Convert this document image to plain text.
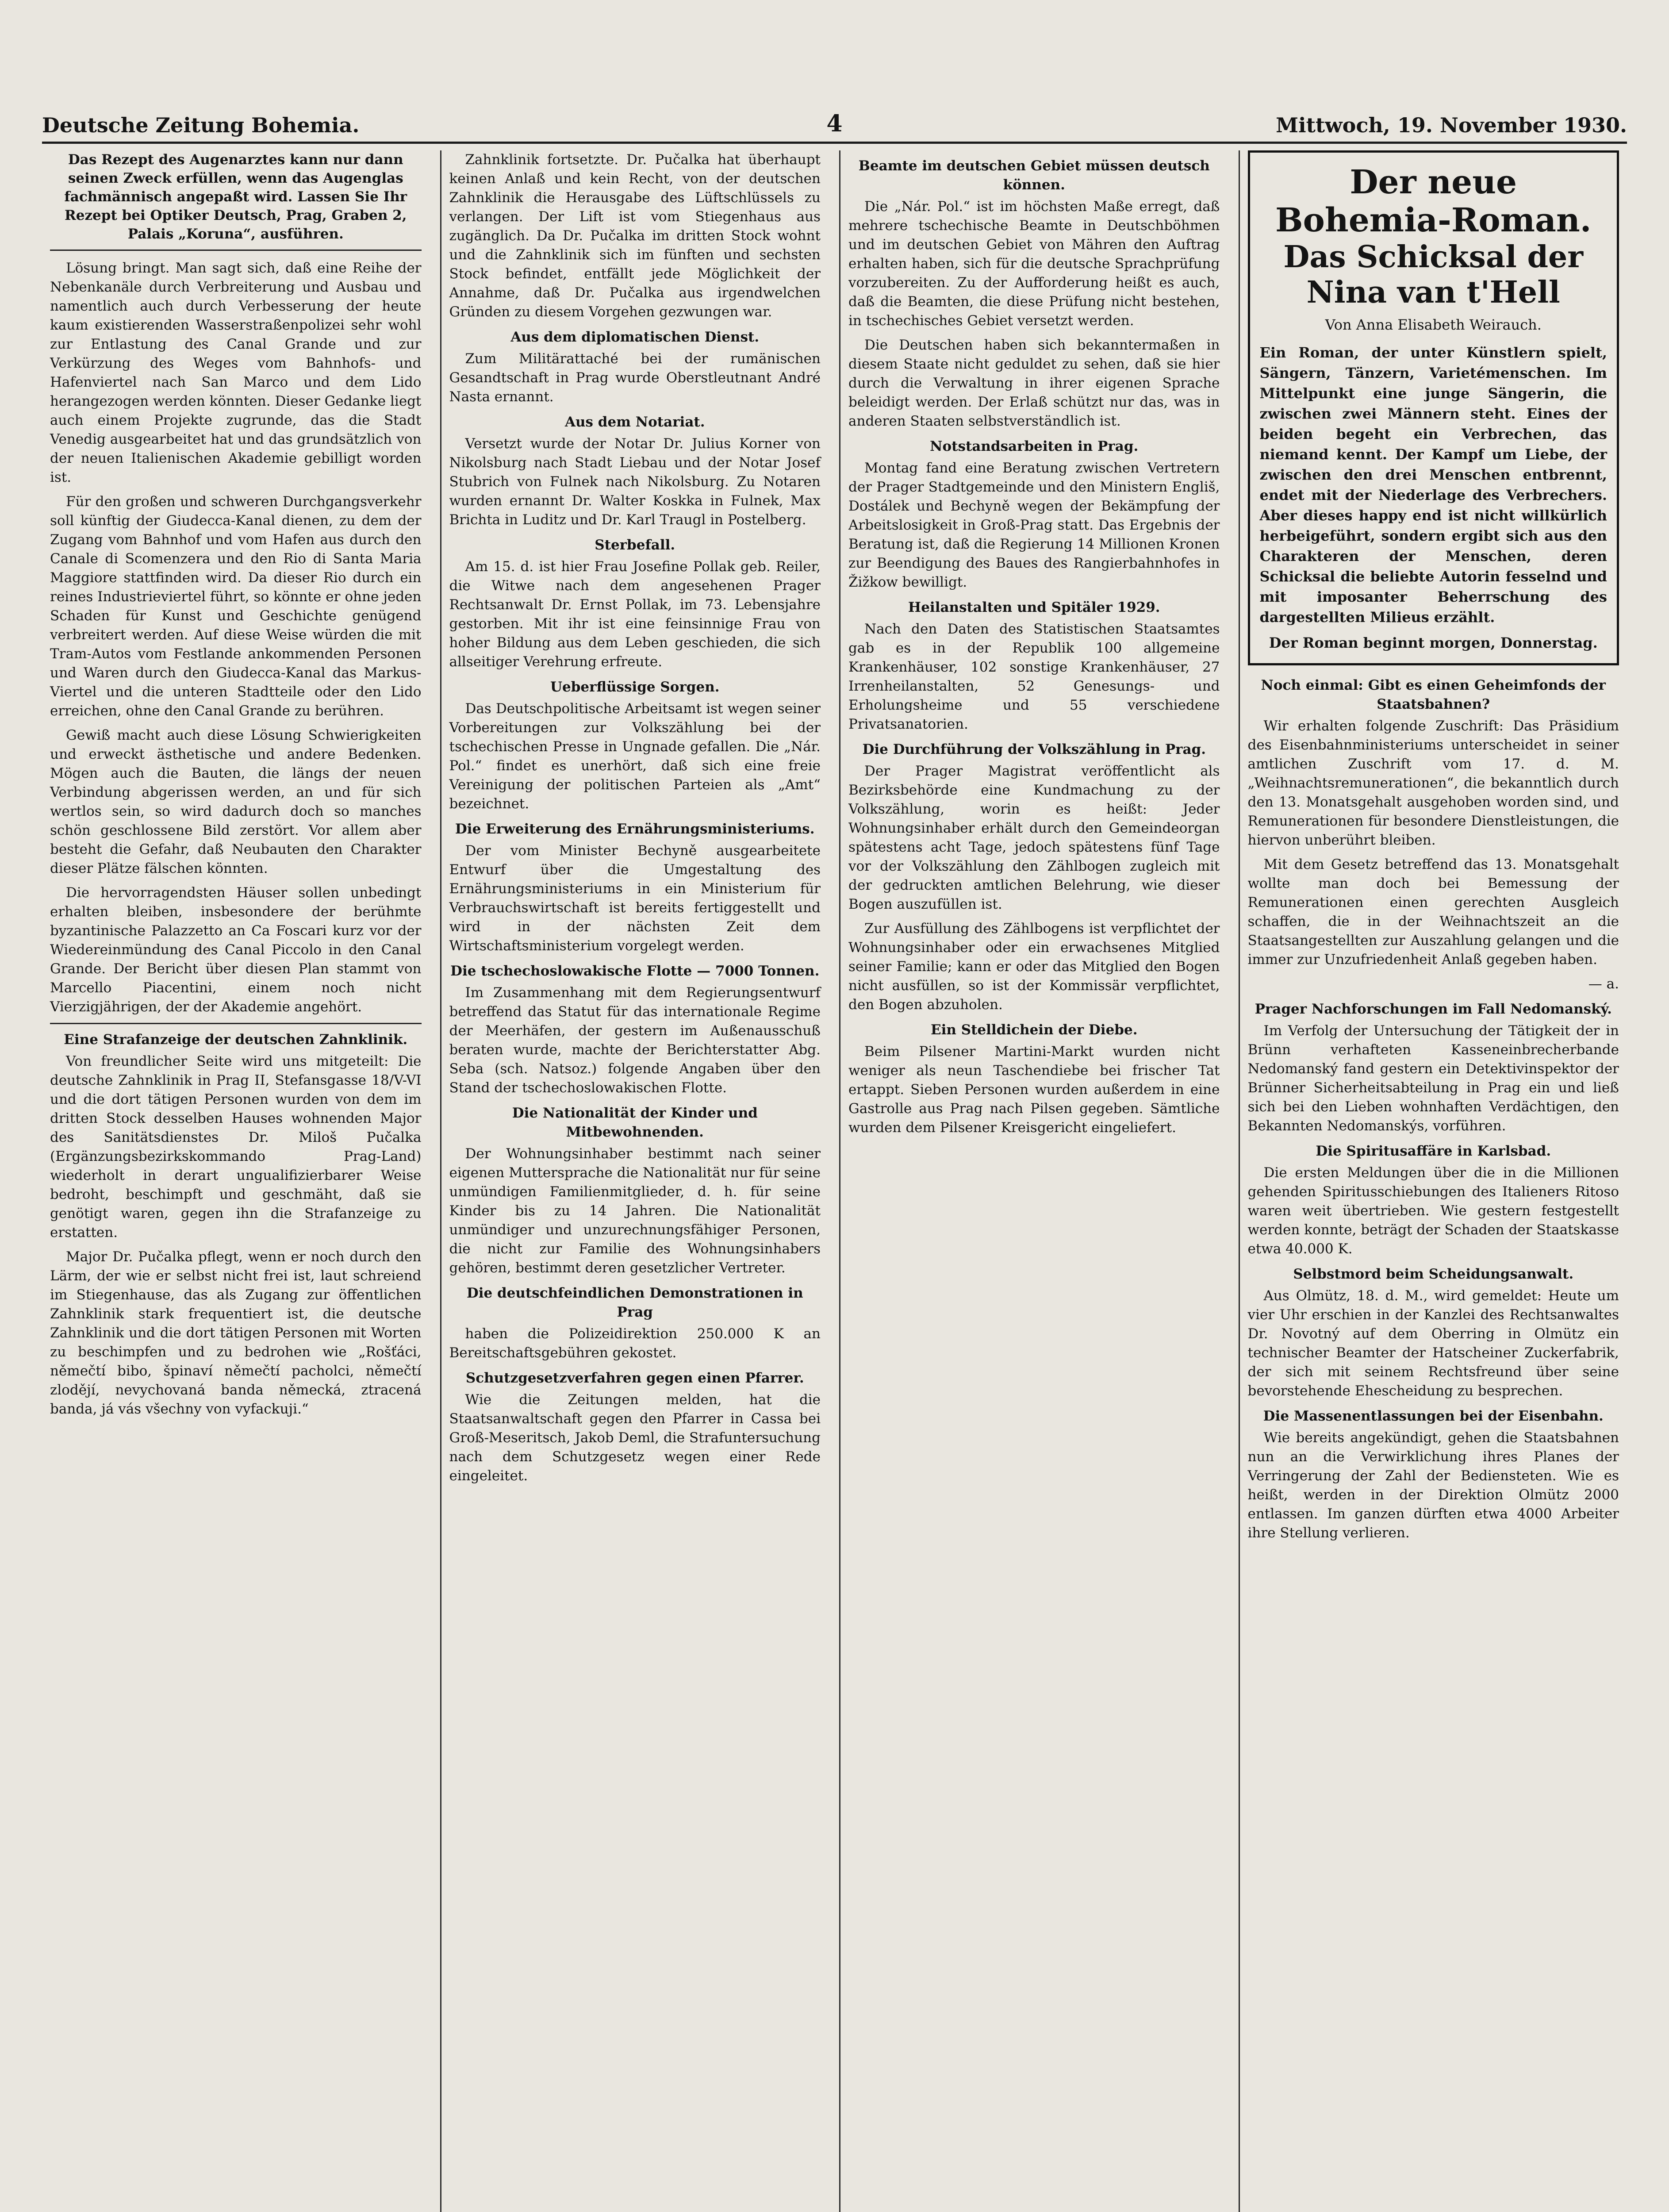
Deutsche Zeitung Bohemia.	4	Mittwoch, 19. November 1930.
Das Rezept des Augenarztes kann nur dann seinen Zweck erfüllen, wenn das Augenglas fachmännisch angepaßt wird. Lassen Sie Ihr Rezept bei Optiker Deutsch, Prag, Graben 2, Palais „Koruna“, ausführen.

Lösung bringt. Man sagt sich, daß eine Reihe der Nebenkanäle durch Verbreiterung und Ausbau und namentlich auch durch Verbesserung der heute kaum existierenden Wasserstraßenpolizei sehr wohl zur Entlastung des Canal Grande und zur Verkürzung des Weges vom Bahnhofs- und Hafenviertel nach San Marco und dem Lido herangezogen werden könnten. Dieser Gedanke liegt auch einem Projekte zugrunde, das die Stadt Venedig ausgearbeitet hat und das grundsätzlich von der neuen Italienischen Akademie gebilligt worden ist.

Für den großen und schweren Durchgangsverkehr soll künftig der Giudecca-Kanal dienen, zu dem der Zugang vom Bahnhof und vom Hafen aus durch den Canale di Scomenzera und den Rio di Santa Maria Maggiore stattfinden wird. Da dieser Rio durch ein reines Industrieviertel führt, so könnte er ohne jeden Schaden für Kunst und Geschichte genügend verbreitert werden. Auf diese Weise würden die mit Tram-Autos vom Festlande ankommenden Personen und Waren durch den Giudecca-Kanal das Markus-Viertel und die unteren Stadtteile oder den Lido erreichen, ohne den Canal Grande zu berühren.

Gewiß macht auch diese Lösung Schwierigkeiten und erweckt ästhetische und andere Bedenken. Mögen auch die Bauten, die längs der neuen Verbindung abgerissen werden, an und für sich wertlos sein, so wird dadurch doch so manches schön geschlossene Bild zerstört. Vor allem aber besteht die Gefahr, daß Neubauten den Charakter dieser Plätze fälschen könnten.

Die hervorragendsten Häuser sollen unbedingt erhalten bleiben, insbesondere der berühmte byzantinische Palazzetto an Ca Foscari kurz vor der Wiedereinmündung des Canal Piccolo in den Canal Grande. Der Bericht über diesen Plan stammt von Marcello Piacentini, einem noch nicht Vierzigjährigen, der der Akademie angehört.

Eine Strafanzeige der deutschen Zahnklinik.

Von freundlicher Seite wird uns mitgeteilt: Die deutsche Zahnklinik in Prag II, Stefansgasse 18/V-VI und die dort tätigen Personen wurden von dem im dritten Stock desselben Hauses wohnenden Major des Sanitätsdienstes Dr. Miloš Pučalka (Ergänzungsbezirkskommando Prag-Land) wiederholt in derart ungualifizierbarer Weise bedroht, beschimpft und geschmäht, daß sie genötigt waren, gegen ihn die Strafanzeige zu erstatten.

Major Dr. Pučalka pflegt, wenn er noch durch den Lärm, der wie er selbst nicht frei ist, laut schreiend im Stiegenhause, das als Zugang zur öffentlichen Zahnklinik stark frequentiert ist, die deutsche Zahnklinik und die dort tätigen Personen mit Worten zu beschimpfen und zu bedrohen wie „Rošťáci, němečtí bibo, špinaví němečtí pacholci, němečtí zlodějí, nevychovaná banda německá, ztracená banda, já vás všechny von vyfackuji.“

Zahnklinik fortsetzte. Dr. Pučalka hat überhaupt keinen Anlaß und kein Recht, von der deutschen Zahnklinik die Herausgabe des Lüftschlüssels zu verlangen. Der Lift ist vom Stiegenhaus aus zugänglich. Da Dr. Pučalka im dritten Stock wohnt und die Zahnklinik sich im fünften und sechsten Stock befindet, entfällt jede Möglichkeit der Annahme, daß Dr. Pučalka aus irgendwelchen Gründen zu diesem Vorgehen gezwungen war.

Aus dem diplomatischen Dienst.

Zum Militärattaché bei der rumänischen Gesandtschaft in Prag wurde Oberstleutnant André Nasta ernannt.

Aus dem Notariat.

Versetzt wurde der Notar Dr. Julius Korner von Nikolsburg nach Stadt Liebau und der Notar Josef Stubrich von Fulnek nach Nikolsburg. Zu Notaren wurden ernannt Dr. Walter Koskka in Fulnek, Max Brichta in Luditz und Dr. Karl Traugl in Postelberg.

Sterbefall.

Am 15. d. ist hier Frau Josefine Pollak geb. Reiler, die Witwe nach dem angesehenen Prager Rechtsanwalt Dr. Ernst Pollak, im 73. Lebensjahre gestorben. Mit ihr ist eine feinsinnige Frau von hoher Bildung aus dem Leben geschieden, die sich allseitiger Verehrung erfreute.

Ueberflüssige Sorgen.

Das Deutschpolitische Arbeitsamt ist wegen seiner Vorbereitungen zur Volkszählung bei der tschechischen Presse in Ungnade gefallen. Die „Nár. Pol.“ findet es unerhört, daß sich eine freie Vereinigung der politischen Parteien als „Amt“ bezeichnet.

Die Erweiterung des Ernährungsministeriums.

Der vom Minister Bechyně ausgearbeitete Entwurf über die Umgestaltung des Ernährungsministeriums in ein Ministerium für Verbrauchswirtschaft ist bereits fertiggestellt und wird in der nächsten Zeit dem Wirtschaftsministerium vorgelegt werden.

Die tschechoslowakische Flotte — 7000 Tonnen.

Im Zusammenhang mit dem Regierungsentwurf betreffend das Statut für das internationale Regime der Meerhäfen, der gestern im Außenausschuß beraten wurde, machte der Berichterstatter Abg. Seba (sch. Natsoz.) folgende Angaben über den Stand der tschechoslowakischen Flotte.

Die Nationalität der Kinder und Mitbewohnenden.

Der Wohnungsinhaber bestimmt nach seiner eigenen Muttersprache die Nationalität nur für seine unmündigen Familienmitglieder, d. h. für seine Kinder bis zu 14 Jahren. Die Nationalität unmündiger und unzurechnungsfähiger Personen, die nicht zur Familie des Wohnungsinhabers gehören, bestimmt deren gesetzlicher Vertreter.

Die deutschfeindlichen Demonstrationen in Prag

haben die Polizeidirektion 250.000 K an Bereitschaftsgebühren gekostet.

Schutzgesetzverfahren gegen einen Pfarrer.

Wie die Zeitungen melden, hat die Staatsanwaltschaft gegen den Pfarrer in Cassa bei Groß-Meseritsch, Jakob Deml, die Strafuntersuchung nach dem Schutzgesetz wegen einer Rede eingeleitet.

Beamte im deutschen Gebiet müssen deutsch können.

Die „Nár. Pol.“ ist im höchsten Maße erregt, daß mehrere tschechische Beamte in Deutschböhmen und im deutschen Gebiet von Mähren den Auftrag erhalten haben, sich für die deutsche Sprachprüfung vorzubereiten. Zu der Aufforderung heißt es auch, daß die Beamten, die diese Prüfung nicht bestehen, in tschechisches Gebiet versetzt werden.

Die Deutschen haben sich bekanntermaßen in diesem Staate nicht geduldet zu sehen, daß sie hier durch die Verwaltung in ihrer eigenen Sprache beleidigt werden. Der Erlaß schützt nur das, was in anderen Staaten selbstverständlich ist.

Notstandsarbeiten in Prag.

Montag fand eine Beratung zwischen Vertretern der Prager Stadtgemeinde und den Ministern Engliš, Dostálek und Bechyně wegen der Bekämpfung der Arbeitslosigkeit in Groß-Prag statt. Das Ergebnis der Beratung ist, daß die Regierung 14 Millionen Kronen zur Beendigung des Baues des Rangierbahnhofes in Žižkow bewilligt.

Heilanstalten und Spitäler 1929.

Nach den Daten des Statistischen Staatsamtes gab es in der Republik 100 allgemeine Krankenhäuser, 102 sonstige Krankenhäuser, 27 Irrenheilanstalten, 52 Genesungs- und Erholungsheime und 55 verschiedene Privatsanatorien.

Die Durchführung der Volkszählung in Prag.

Der Prager Magistrat veröffentlicht als Bezirksbehörde eine Kundmachung zu der Volkszählung, worin es heißt: Jeder Wohnungsinhaber erhält durch den Gemeindeorgan spätestens acht Tage, jedoch spätestens fünf Tage vor der Volkszählung den Zählbogen zugleich mit der gedruckten amtlichen Belehrung, wie dieser Bogen auszufüllen ist.

Zur Ausfüllung des Zählbogens ist verpflichtet der Wohnungsinhaber oder ein erwachsenes Mitglied seiner Familie; kann er oder das Mitglied den Bogen nicht ausfüllen, so ist der Kommissär verpflichtet, den Bogen abzuholen.

Ein Stelldichein der Diebe.

Beim Pilsener Martini-Markt wurden nicht weniger als neun Taschendiebe bei frischer Tat ertappt. Sieben Personen wurden außerdem in eine Gastrolle aus Prag nach Pilsen gegeben. Sämtliche wurden dem Pilsener Kreisgericht eingeliefert.

Der neue Bohemia-Roman.
Das Schicksal der Nina van t'Hell
Von Anna Elisabeth Weirauch.
Ein Roman, der unter Künstlern spielt, Sängern, Tänzern, Varietémenschen. Im Mittelpunkt eine junge Sängerin, die zwischen zwei Männern steht. Eines der beiden begeht ein Verbrechen, das niemand kennt. Der Kampf um Liebe, der zwischen den drei Menschen entbrennt, endet mit der Niederlage des Verbrechers. Aber dieses happy end ist nicht willkürlich herbeigeführt, sondern ergibt sich aus den Charakteren der Menschen, deren Schicksal die beliebte Autorin fesselnd und mit imposanter Beherrschung des dargestellten Milieus erzählt.
Der Roman beginnt morgen, Donnerstag.
Noch einmal: Gibt es einen Geheimfonds der Staatsbahnen?

Wir erhalten folgende Zuschrift: Das Präsidium des Eisenbahnministeriums unterscheidet in seiner amtlichen Zuschrift vom 17. d. M. „Weihnachtsremunerationen“, die bekanntlich durch den 13. Monatsgehalt ausgehoben worden sind, und Remunerationen für besondere Dienstleistungen, die hiervon unberührt bleiben.

Mit dem Gesetz betreffend das 13. Monatsgehalt wollte man doch bei Bemessung der Remunerationen einen gerechten Ausgleich schaffen, die in der Weihnachtszeit an die Staatsangestellten zur Auszahlung gelangen und die immer zur Unzufriedenheit Anlaß gegeben haben.

— a.
Prager Nachforschungen im Fall Nedomanský.

Im Verfolg der Untersuchung der Tätigkeit der in Brünn verhafteten Kasseneinbrecherbande Nedomanský fand gestern ein Detektivinspektor der Brünner Sicherheitsabteilung in Prag ein und ließ sich bei den Lieben wohnhaften Verdächtigen, den Bekannten Nedomanskýs, vorführen.

Die Spiritusaffäre in Karlsbad.

Die ersten Meldungen über die in die Millionen gehenden Spiritusschiebungen des Italieners Ritoso waren weit übertrieben. Wie gestern festgestellt werden konnte, beträgt der Schaden der Staatskasse etwa 40.000 K.

Selbstmord beim Scheidungsanwalt.

Aus Olmütz, 18. d. M., wird gemeldet: Heute um vier Uhr erschien in der Kanzlei des Rechtsanwaltes Dr. Novotný auf dem Oberring in Olmütz ein technischer Beamter der Hatscheiner Zuckerfabrik, der sich mit seinem Rechtsfreund über seine bevorstehende Ehescheidung zu besprechen.

Die Massenentlassungen bei der Eisenbahn.

Wie bereits angekündigt, gehen die Staatsbahnen nun an die Verwirklichung ihres Planes der Verringerung der Zahl der Bediensteten. Wie es heißt, werden in der Direktion Olmütz 2000 entlassen. Im ganzen dürften etwa 4000 Arbeiter ihre Stellung verlieren.
